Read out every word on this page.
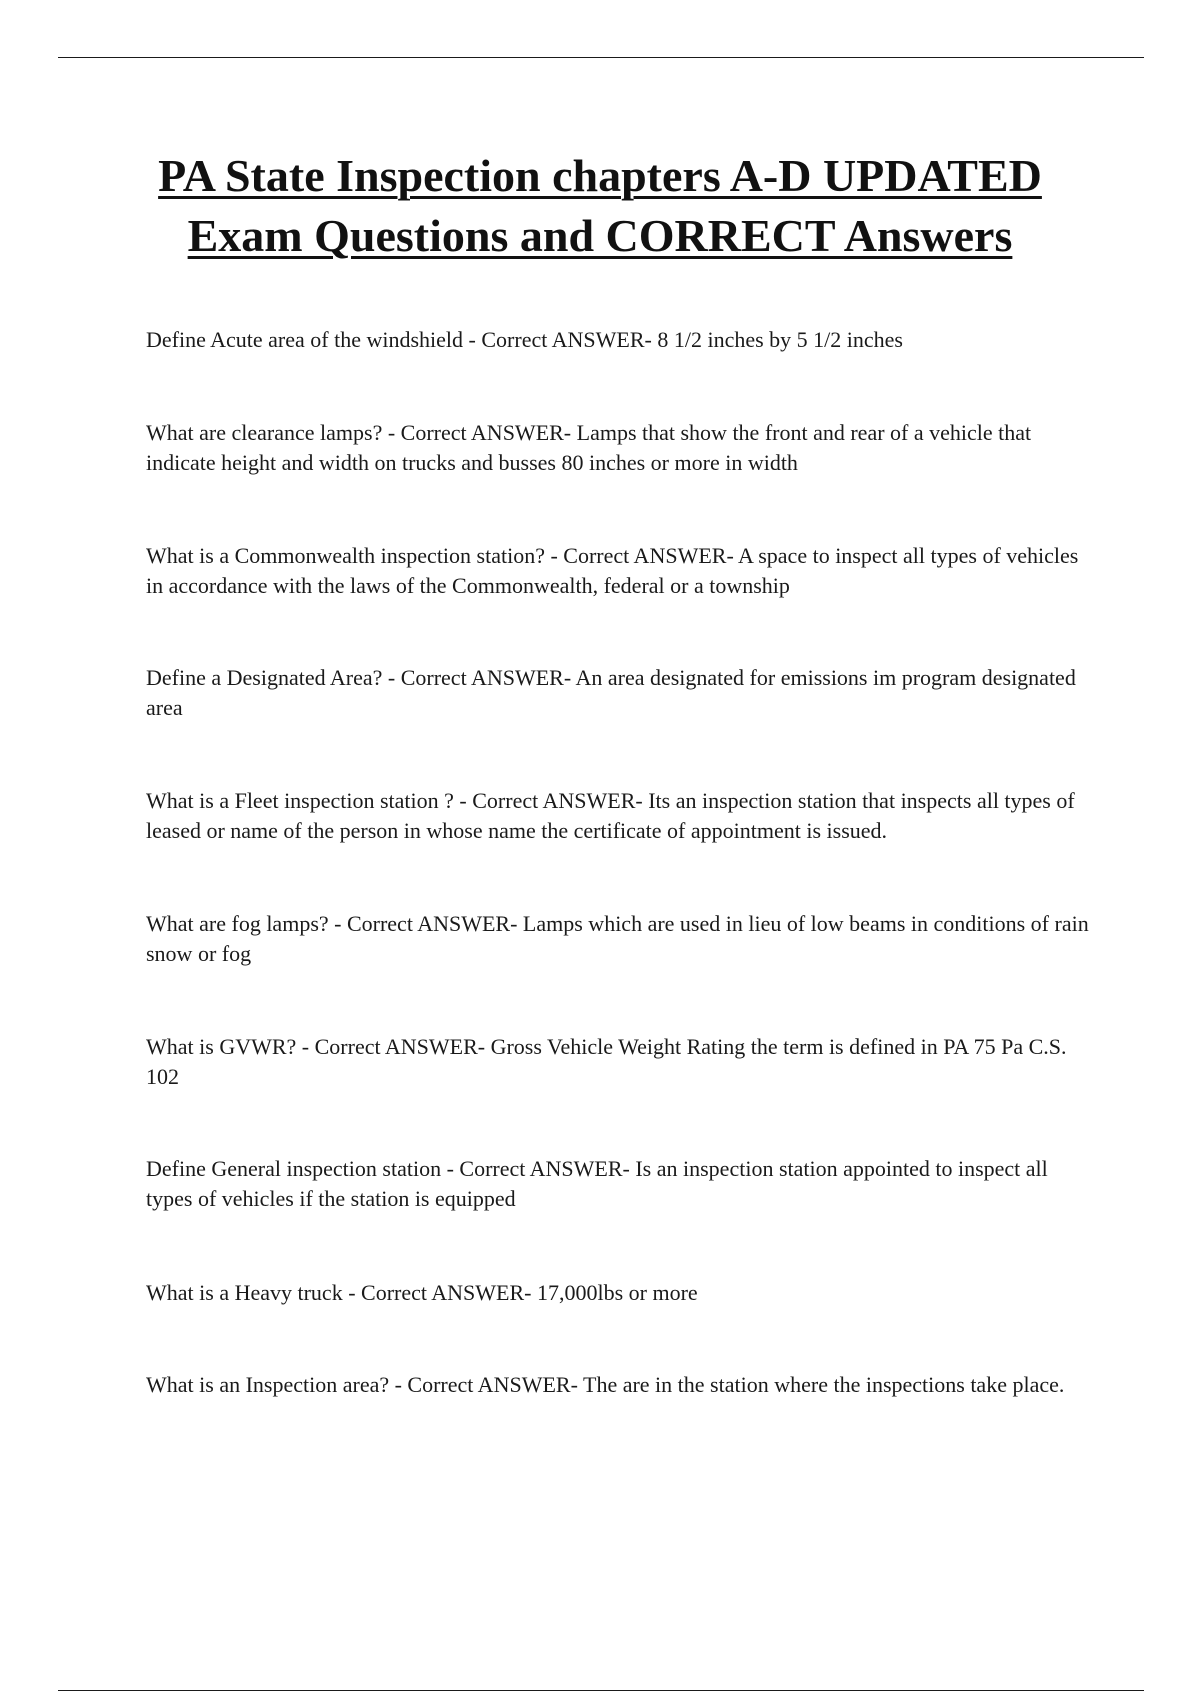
PA State Inspection chapters A-D UPDATED
Exam Questions and CORRECT Answers

Define Acute area of the windshield - Correct ANSWER- 8 1/2 inches by 5 1/2 inches

What are clearance lamps? - Correct ANSWER- Lamps that show the front and rear of a vehicle that indicate height and width on trucks and busses 80 inches or more in width

What is a Commonwealth inspection station? - Correct ANSWER- A space to inspect all types of vehicles in accordance with the laws of the Commonwealth, federal or a township

Define a Designated Area? - Correct ANSWER- An area designated for emissions im program designated area

What is a Fleet inspection station ? - Correct ANSWER- Its an inspection station that inspects all types of leased or name of the person in whose name the certificate of appointment is issued.

What are fog lamps? - Correct ANSWER- Lamps which are used in lieu of low beams in conditions of rain snow or fog

What is GVWR? - Correct ANSWER- Gross Vehicle Weight Rating the term is defined in PA 75 Pa C.S. 102

Define General inspection station - Correct ANSWER- Is an inspection station appointed to inspect all types of vehicles if the station is equipped

What is a Heavy truck - Correct ANSWER- 17,000lbs or more

What is an Inspection area? - Correct ANSWER- The are in the station where the inspections take place.
